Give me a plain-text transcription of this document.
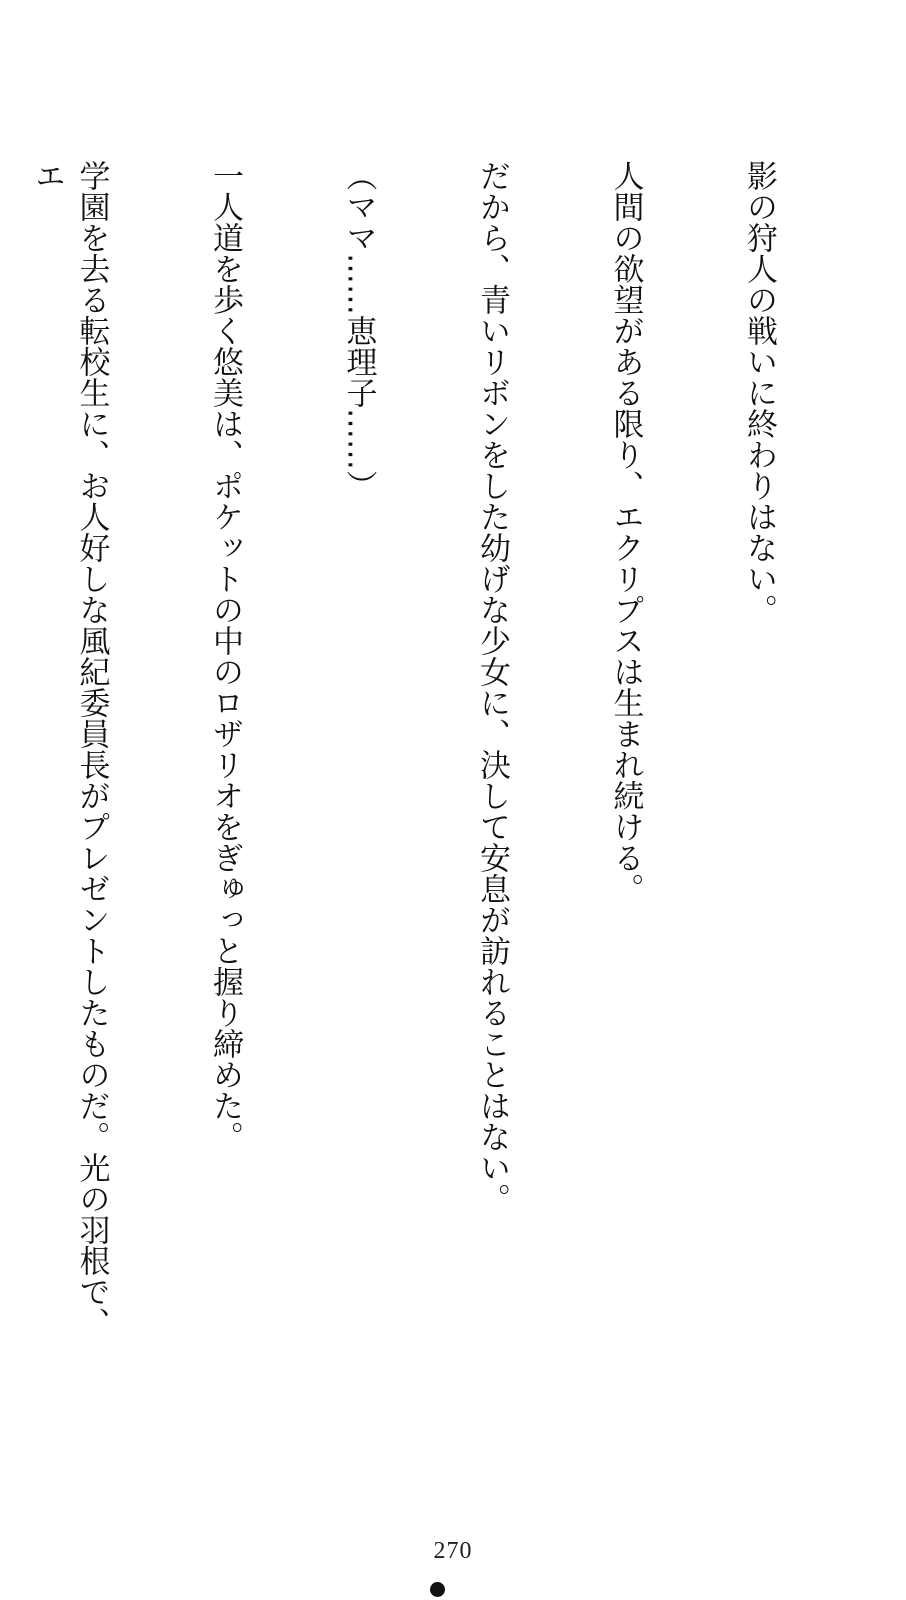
影の狩人の戦いに終わりはない。

人間の欲望がある限り、エクリプスは生まれ続ける。

だから、青いリボンをした幼げな少女に、決して安息が訪れることはない。

（ママ……恵理子……）

一人道を歩く悠美は、ポケットの中のロザリオをぎゅっと握り締めた。

学園を去る転校生に、お人好しな風紀委員長がプレゼントしたものだ。光の羽根で、エ

270
